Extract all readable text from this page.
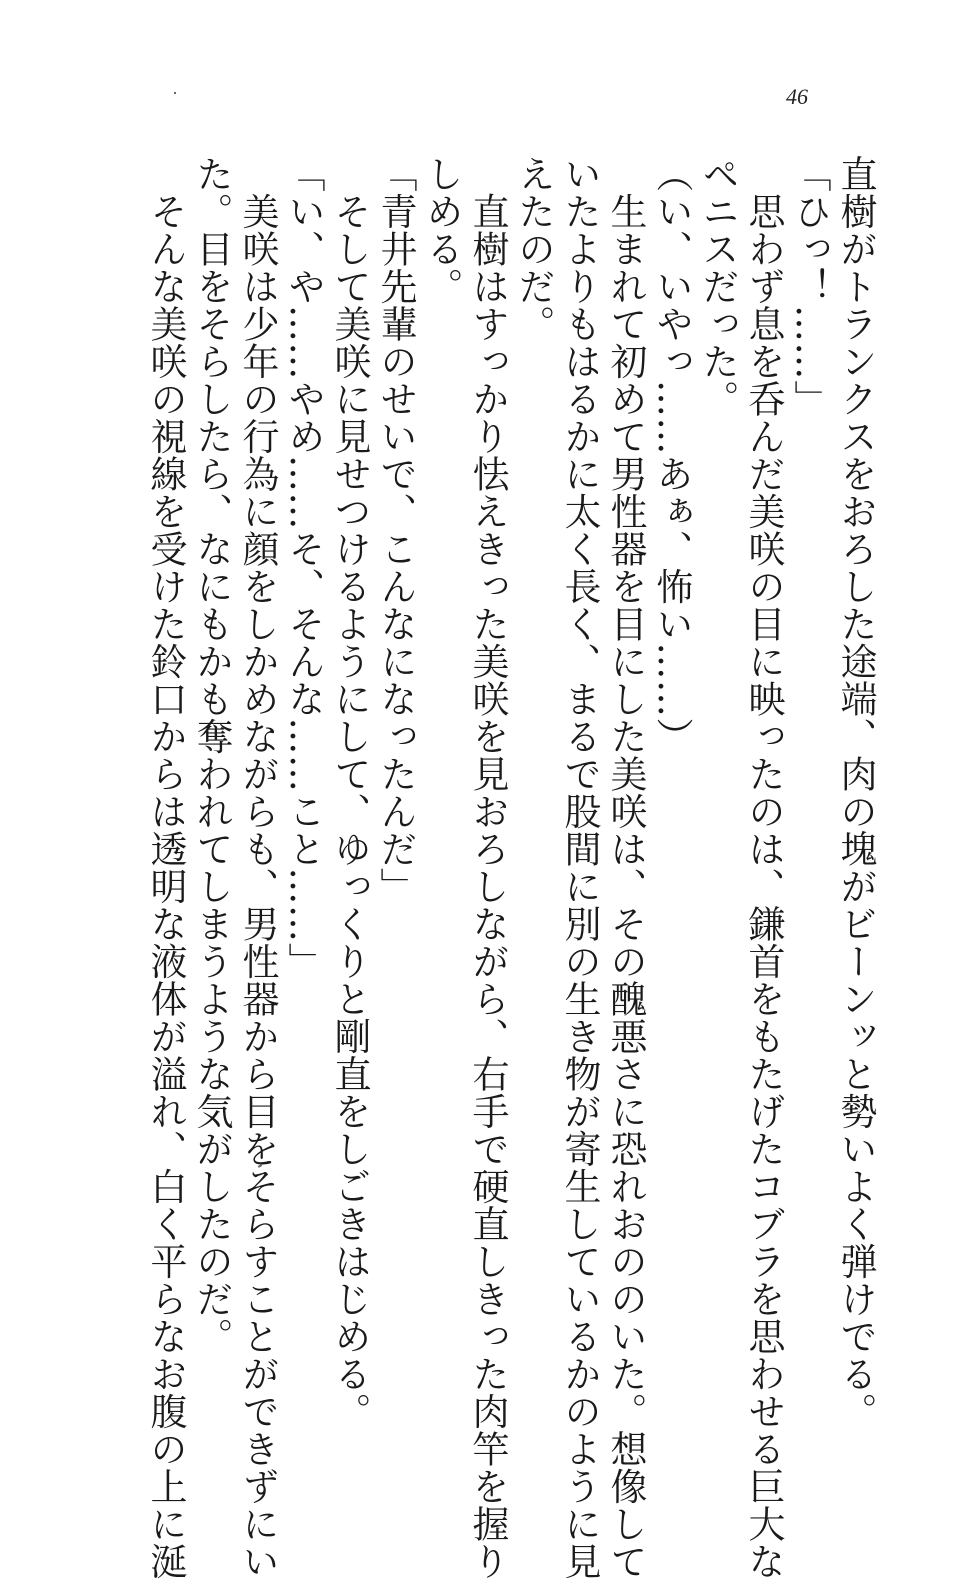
46
直樹がトランクスをおろした途端、肉の塊がビーンッと勢いよく弾けでる。
「ひっ！……」
　思わず息を呑んだ美咲の目に映ったのは、鎌首をもたげたコブラを思わせる巨大な
ペニスだった。
（い、いやっ……あぁ、怖い……）
　生まれて初めて男性器を目にした美咲は、その醜悪さに恐れおののいた。想像して
いたよりもはるかに太く長く、まるで股間に別の生き物が寄生しているかのように見
えたのだ。
　直樹はすっかり怯えきった美咲を見おろしながら、右手で硬直しきった肉竿を握り
しめる。
「青井先輩のせいで、こんなになったんだ」
　そして美咲に見せつけるようにして、ゆっくりと剛直をしごきはじめる。
「い、や……やめ……そ、そんな……こと……」
　美咲は少年の行為に顔をしかめながらも、男性器から目をそらすことができずにい
た。目をそらしたら、なにもかも奪われてしまうような気がしたのだ。
　そんな美咲の視線を受けた鈴口からは透明な液体が溢れ、白く平らなお腹の上に涎
